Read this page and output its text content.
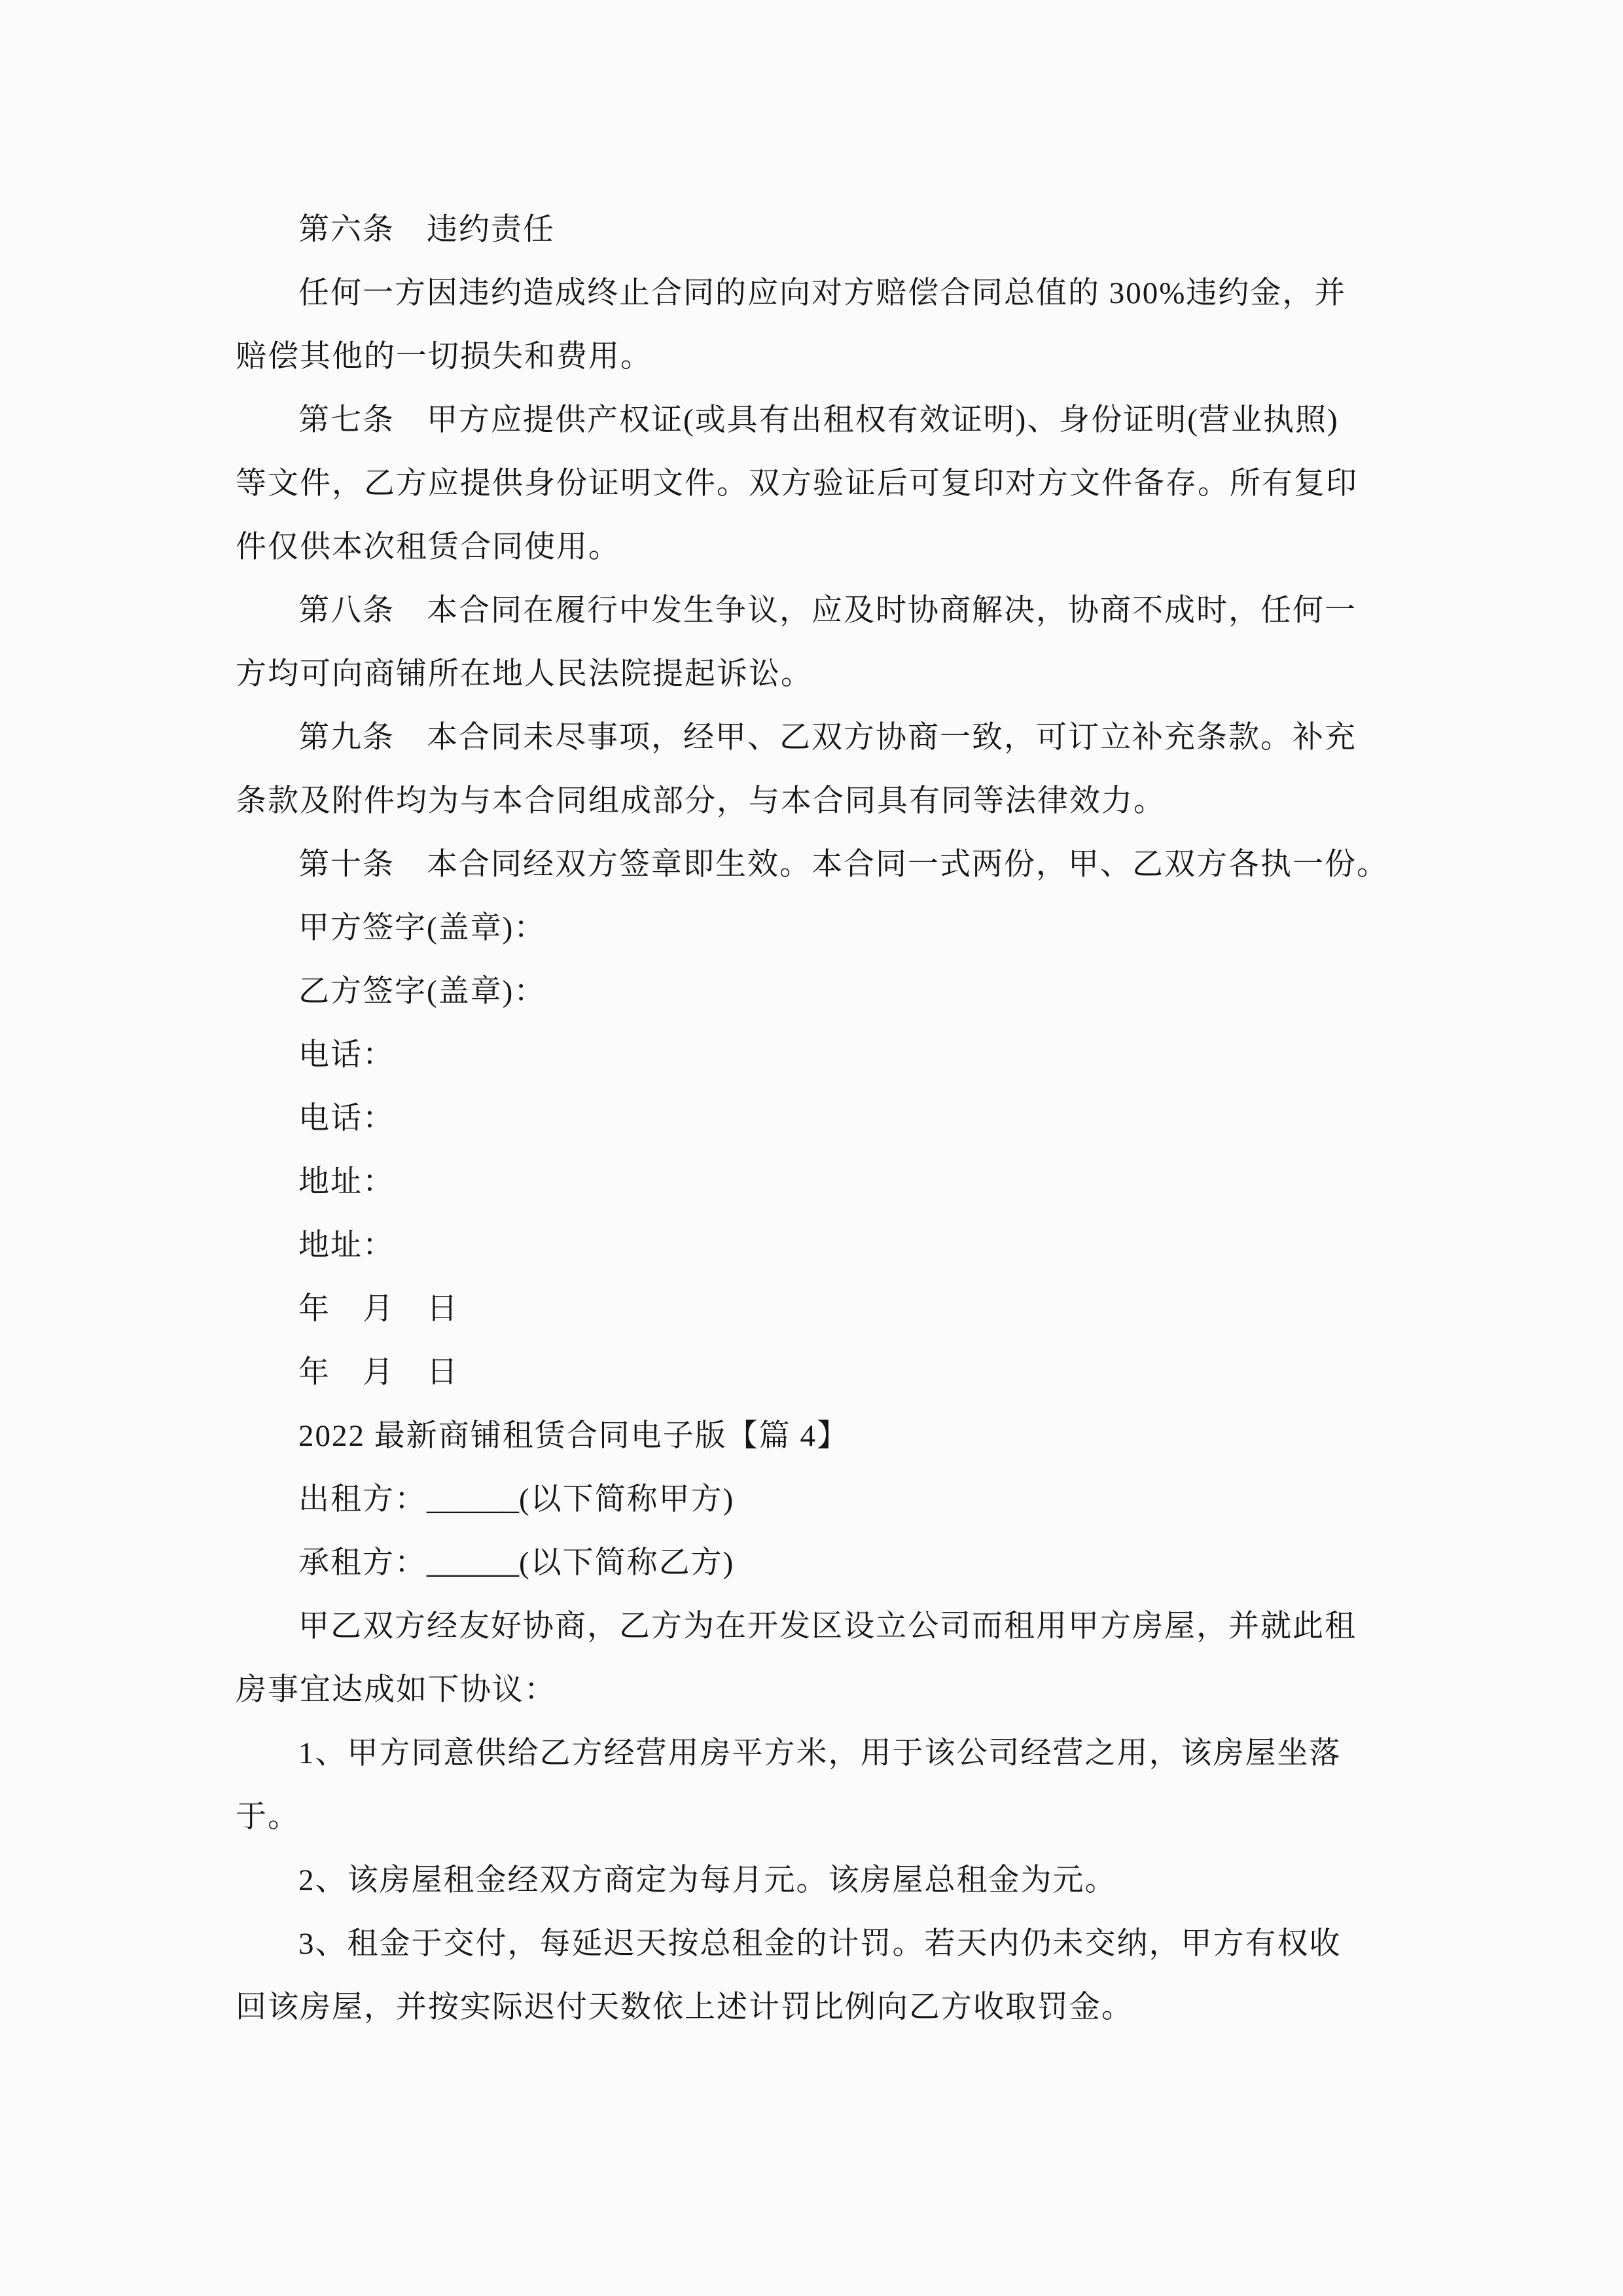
第六条　违约责任
任何一方因违约造成终止合同的应向对方赔偿合同总值的 300%违约金，并
赔偿其他的一切损失和费用。
第七条　甲方应提供产权证(或具有出租权有效证明)、身份证明(营业执照)
等文件，乙方应提供身份证明文件。双方验证后可复印对方文件备存。所有复印
件仅供本次租赁合同使用。
第八条　本合同在履行中发生争议，应及时协商解决，协商不成时，任何一
方均可向商铺所在地人民法院提起诉讼。
第九条　本合同未尽事项，经甲、乙双方协商一致，可订立补充条款。补充
条款及附件均为与本合同组成部分，与本合同具有同等法律效力。
第十条　本合同经双方签章即生效。本合同一式两份，甲、乙双方各执一份。
甲方签字(盖章)：
乙方签字(盖章)：
电话：
电话：
地址：
地址：
年　月　日
年　月　日
2022 最新商铺租赁合同电子版【篇 4】
出租方：______(以下简称甲方)
承租方：______(以下简称乙方)
甲乙双方经友好协商，乙方为在开发区设立公司而租用甲方房屋，并就此租
房事宜达成如下协议：
1、甲方同意供给乙方经营用房平方米，用于该公司经营之用，该房屋坐落
于。
2、该房屋租金经双方商定为每月元。该房屋总租金为元。
3、租金于交付，每延迟天按总租金的计罚。若天内仍未交纳，甲方有权收
回该房屋，并按实际迟付天数依上述计罚比例向乙方收取罚金。
